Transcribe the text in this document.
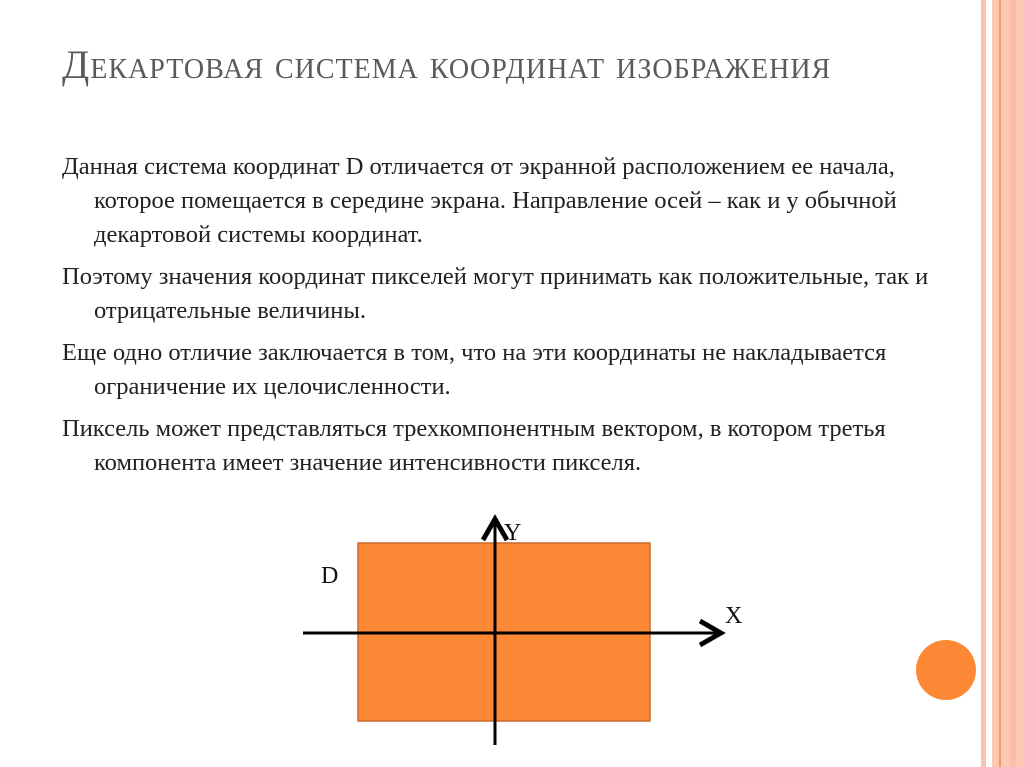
Декартовая система координат изображения

Данная система координат D отличается от экранной расположением ее начала, которое помещается в середине экрана. Направление осей – как и у обычной декартовой системы координат.

Поэтому значения координат пикселей могут принимать как положительные, так и отрицательные величины.

Еще одно отличие заключается в том, что на эти координаты не накладывается ограничение их целочисленности.

Пиксель может представляться трехкомпонентным вектором, в котором третья компонента имеет значение интенсивности пикселя.

D
X
Y
